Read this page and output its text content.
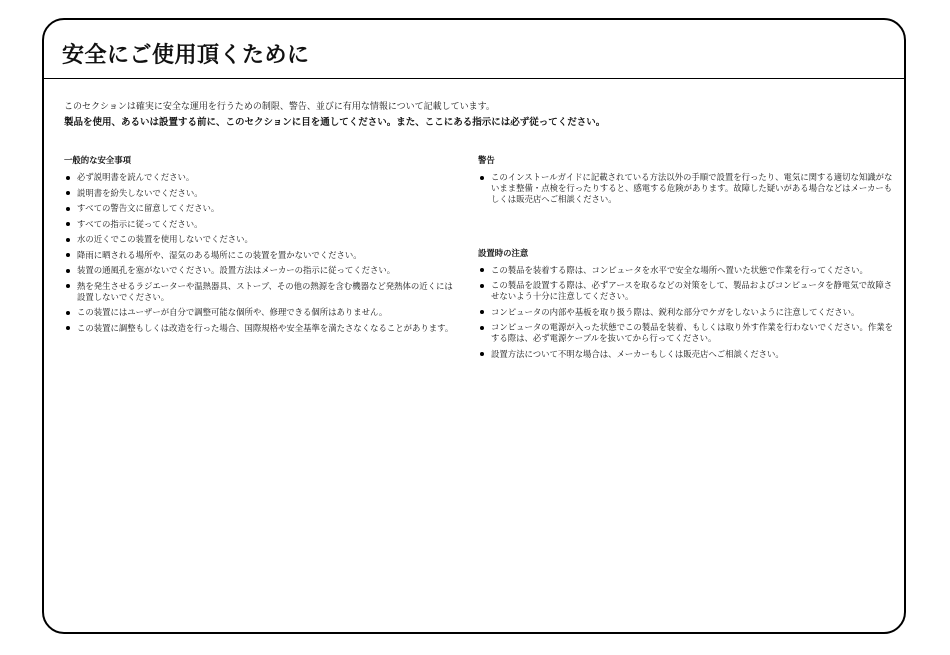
安全にご使用頂くために
このセクションは確実に安全な運用を行うための制限、警告、並びに有用な情報について記載しています。
製品を使用、あるいは設置する前に、このセクションに目を通してください。また、ここにある指示には必ず従ってください。
一般的な安全事項
必ず説明書を読んでください。
説明書を紛失しないでください。
すべての警告文に留意してください。
すべての指示に従ってください。
水の近くでこの装置を使用しないでください。
降雨に晒される場所や、湿気のある場所にこの装置を置かないでください。
装置の通風孔を塞がないでください。設置方法はメーカーの指示に従ってください。
熱を発生させるラジエーターや温熱器具、ストーブ、その他の熱源を含む機器など発熱体の近くには設置しないでください。
この装置にはユーザーが自分で調整可能な個所や、修理できる個所はありません。
この装置に調整もしくは改造を行った場合、国際規格や安全基準を満たさなくなることがあります。
警告
このインストールガイドに記載されている方法以外の手順で設置を行ったり、電気に関する適切な知識がないまま整備・点検を行ったりすると、感電する危険があります。故障した疑いがある場合などはメーカーもしくは販売店へご相談ください。
設置時の注意
この製品を装着する際は、コンピュータを水平で安全な場所へ置いた状態で作業を行ってください。
この製品を設置する際は、必ずアースを取るなどの対策をして、製品およびコンピュータを静電気で故障させないよう十分に注意してください。
コンピュータの内部や基板を取り扱う際は、鋭利な部分でケガをしないように注意してください。
コンピュータの電源が入った状態でこの製品を装着、もしくは取り外す作業を行わないでください。作業をする際は、必ず電源ケーブルを抜いてから行ってください。
設置方法について不明な場合は、メーカーもしくは販売店へご相談ください。
